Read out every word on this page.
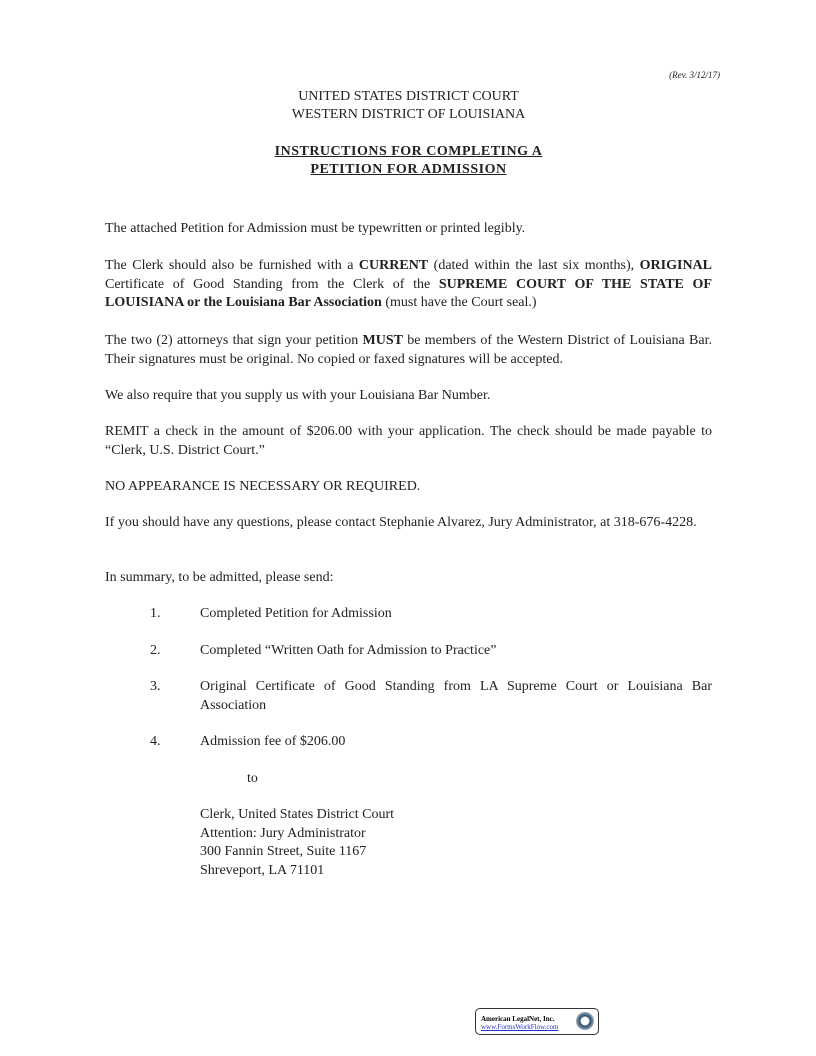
(Rev. 3/12/17)
UNITED STATES DISTRICT COURT
WESTERN DISTRICT OF LOUISIANA
INSTRUCTIONS FOR COMPLETING A
PETITION FOR ADMISSION
The attached Petition for Admission must be typewritten or printed legibly.
The Clerk should also be furnished with a CURRENT (dated within the last six months), ORIGINAL Certificate of Good Standing from the Clerk of the SUPREME COURT OF THE STATE OF LOUISIANA or the Louisiana Bar Association (must have the Court seal.)
The two (2) attorneys that sign your petition MUST be members of the Western District of Louisiana Bar. Their signatures must be original. No copied or faxed signatures will be accepted.
We also require that you supply us with your Louisiana Bar Number.
REMIT a check in the amount of $206.00 with your application. The check should be made payable to “Clerk, U.S. District Court.”
NO APPEARANCE IS NECESSARY OR REQUIRED.
If you should have any questions, please contact Stephanie Alvarez, Jury Administrator, at 318-676-4228.
In summary, to be admitted, please send:
1.	Completed Petition for Admission
2.	Completed “Written Oath for Admission to Practice”
3.	Original Certificate of Good Standing from LA Supreme Court or Louisiana Bar Association
4.	Admission fee of $206.00
to
Clerk, United States District Court
Attention: Jury Administrator
300 Fannin Street, Suite 1167
Shreveport, LA 71101
American LegalNet, Inc.
www.FormsWorkFlow.com
